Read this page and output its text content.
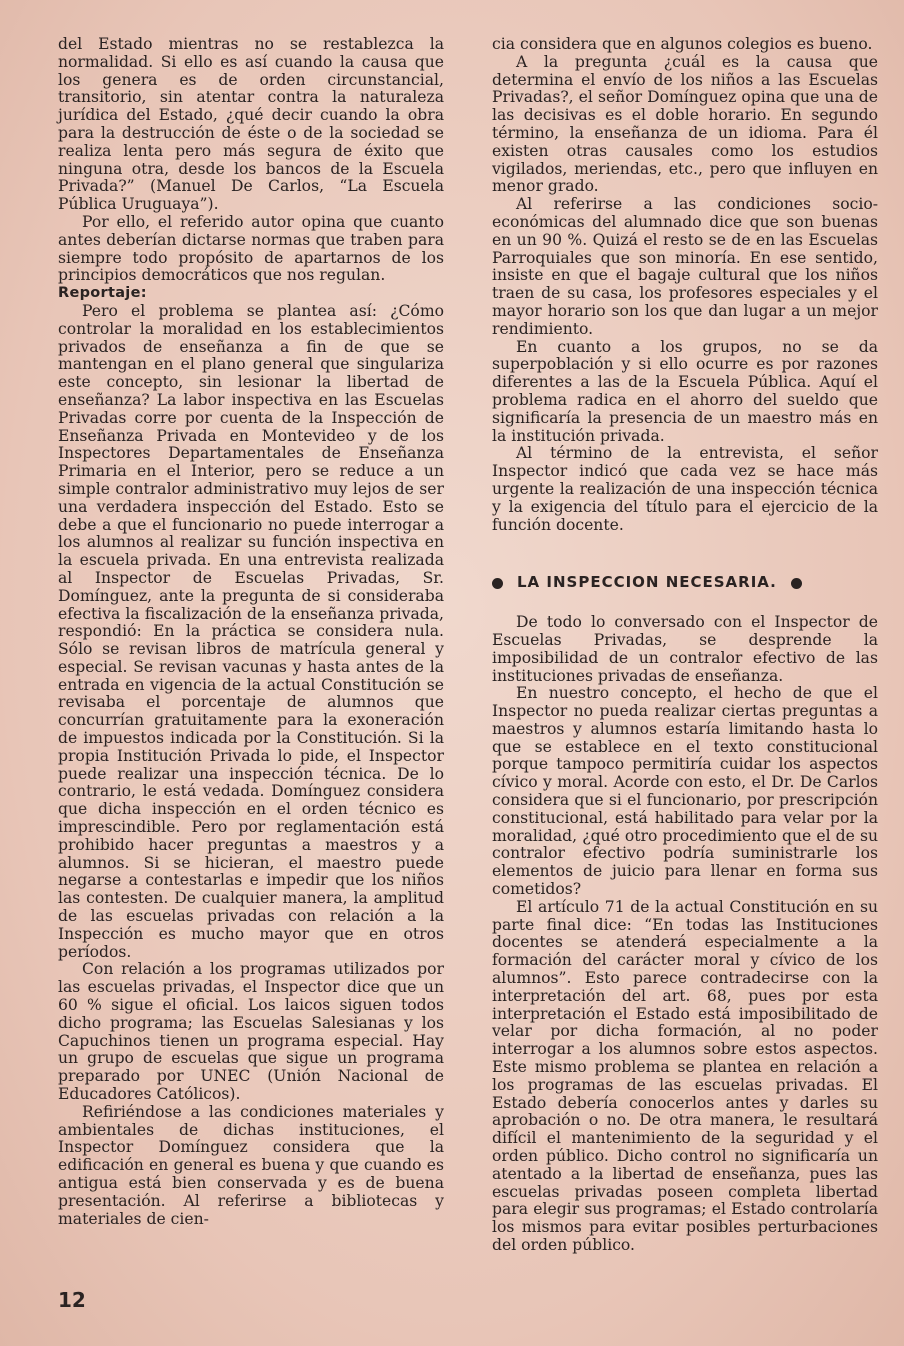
del Estado mientras no se restablezca la normalidad. Si ello es así cuando la causa que los genera es de orden circunstancial, transitorio, sin atentar contra la naturaleza jurídica del Estado, ¿qué decir cuando la obra para la destrucción de éste o de la sociedad se realiza lenta pero más segura de éxito que ninguna otra, desde los bancos de la Escuela Privada?” (Manuel De Carlos, “La Escuela Pública Uruguaya”).

Por ello, el referido autor opina que cuanto antes deberían dictarse normas que traben para siempre todo propósito de apartarnos de los principios democráticos que nos regulan.

Reportaje:

Pero el problema se plantea así: ¿Cómo controlar la moralidad en los establecimientos privados de enseñanza a fin de que se mantengan en el plano general que singulariza este concepto, sin lesionar la libertad de enseñanza? La labor inspectiva en las Escuelas Privadas corre por cuenta de la Inspección de Enseñanza Privada en Montevideo y de los Inspectores Departamentales de Enseñanza Primaria en el Interior, pero se reduce a un simple contralor administrativo muy lejos de ser una verdadera inspección del Estado. Esto se debe a que el funcionario no puede interrogar a los alumnos al realizar su función inspectiva en la escuela privada. En una entrevista realizada al Inspector de Escuelas Privadas, Sr. Domínguez, ante la pregunta de si consideraba efectiva la fiscalización de la enseñanza privada, respondió: En la práctica se considera nula. Sólo se revisan libros de matrícula general y especial. Se revisan vacunas y hasta antes de la entrada en vigencia de la actual Constitución se revisaba el porcentaje de alumnos que concurrían gratuitamente para la exoneración de impuestos indicada por la Constitución. Si la propia Institución Privada lo pide, el Inspector puede realizar una inspección técnica. De lo contrario, le está vedada. Domínguez considera que dicha inspección en el orden técnico es imprescindible. Pero por reglamentación está prohibido hacer preguntas a maestros y a alumnos. Si se hicieran, el maestro puede negarse a contestarlas e impedir que los niños las contesten. De cualquier manera, la amplitud de las escuelas privadas con relación a la Inspección es mucho mayor que en otros períodos.

Con relación a los programas utilizados por las escuelas privadas, el Inspector dice que un 60 % sigue el oficial. Los laicos siguen todos dicho programa; las Escuelas Salesianas y los Capuchinos tienen un programa especial. Hay un grupo de escuelas que sigue un programa preparado por UNEC (Unión Nacional de Educadores Católicos).

Refiriéndose a las condiciones materiales y ambientales de dichas instituciones, el Inspector Domínguez considera que la edificación en general es buena y que cuando es antigua está bien conservada y es de buena presentación. Al referirse a bibliotecas y materiales de cien-

cia considera que en algunos colegios es bueno.

A la pregunta ¿cuál es la causa que determina el envío de los niños a las Escuelas Privadas?, el señor Domínguez opina que una de las decisivas es el doble horario. En segundo término, la enseñanza de un idioma. Para él existen otras causales como los estudios vigilados, meriendas, etc., pero que influyen en menor grado.

Al referirse a las condiciones socio-económicas del alumnado dice que son buenas en un 90 %. Quizá el resto se de en las Escuelas Parroquiales que son minoría. En ese sentido, insiste en que el bagaje cultural que los niños traen de su casa, los profesores especiales y el mayor horario son los que dan lugar a un mejor rendimiento.

En cuanto a los grupos, no se da superpoblación y si ello ocurre es por razones diferentes a las de la Escuela Pública. Aquí el problema radica en el ahorro del sueldo que significaría la presencia de un maestro más en la institución privada.

Al término de la entrevista, el señor Inspector indicó que cada vez se hace más urgente la realización de una inspección técnica y la exigencia del título para el ejercicio de la función docente.

LA INSPECCION NECESARIA.

De todo lo conversado con el Inspector de Escuelas Privadas, se desprende la imposibilidad de un contralor efectivo de las instituciones privadas de enseñanza.

En nuestro concepto, el hecho de que el Inspector no pueda realizar ciertas preguntas a maestros y alumnos estaría limitando hasta lo que se establece en el texto constitucional porque tampoco permitiría cuidar los aspectos cívico y moral. Acorde con esto, el Dr. De Carlos considera que si el funcionario, por prescripción constitucional, está habilitado para velar por la moralidad, ¿qué otro procedimiento que el de su contralor efectivo podría suministrarle los elementos de juicio para llenar en forma sus cometidos?

El artículo 71 de la actual Constitución en su parte final dice: “En todas las Instituciones docentes se atenderá especialmente a la formación del carácter moral y cívico de los alumnos”. Esto parece contradecirse con la interpretación del art. 68, pues por esta interpretación el Estado está imposibilitado de velar por dicha formación, al no poder interrogar a los alumnos sobre estos aspectos. Este mismo problema se plantea en relación a los programas de las escuelas privadas. El Estado debería conocerlos antes y darles su aprobación o no. De otra manera, le resultará difícil el mantenimiento de la seguridad y el orden público. Dicho control no significaría un atentado a la libertad de enseñanza, pues las escuelas privadas poseen completa libertad para elegir sus programas; el Estado controlaría los mismos para evitar posibles perturbaciones del orden público.

12
